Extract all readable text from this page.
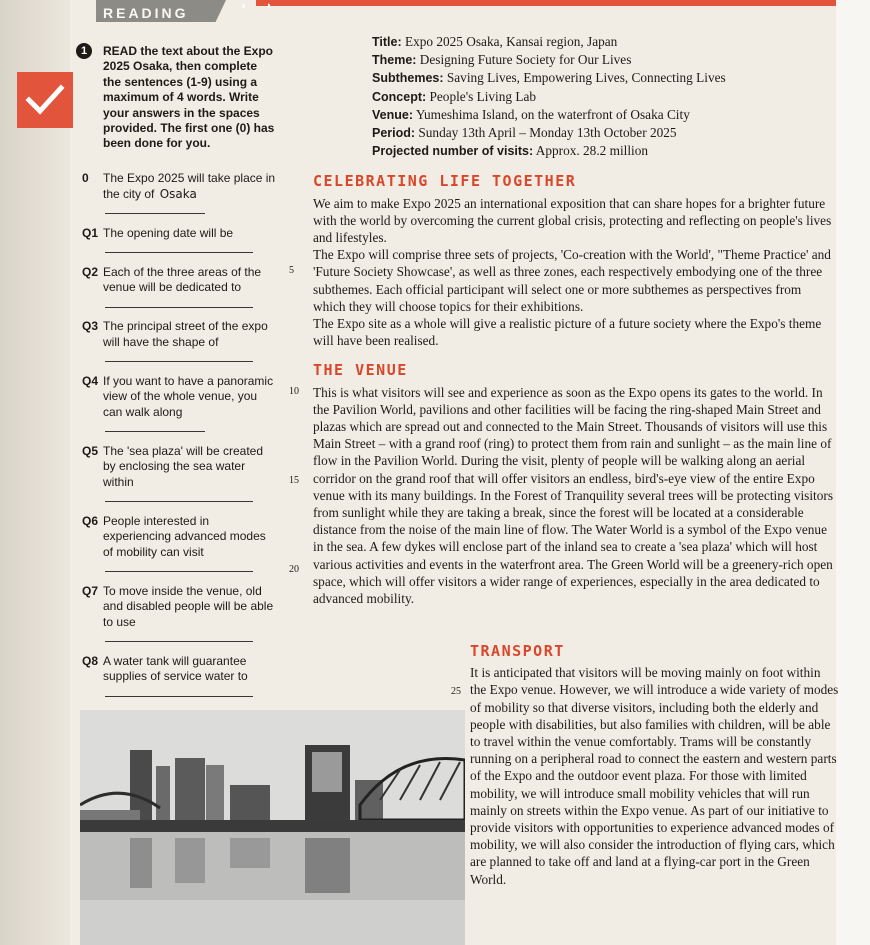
READING	◖ ◗
1	READ the text about the Expo 2025 Osaka, then complete the sentences (1-9) using a maximum of 4 words. Write your answers in the spaces provided. The first one (0) has been done for you.

0 The Expo 2025 will take place in the city of Osaka
Q1 The opening date will be

Q2 Each of the three areas of the venue will be dedicated to
Q3 The principal street of the expo will have the shape of

Q4 If you want to have a panoramic view of the whole venue, you can walk along
Q5 The 'sea plaza' will be created by enclosing the sea water within

Q6 People interested in experiencing advanced modes of mobility can visit

Q7 To move inside the venue, old and disabled people will be able to use

Q8 A water tank will guarantee supplies of service water to

Title: Expo 2025 Osaka, Kansai region, Japan
Theme: Designing Future Society for Our Lives
Subthemes: Saving Lives, Empowering Lives, Connecting Lives
Concept: People's Living Lab
Venue: Yumeshima Island, on the waterfront of Osaka City
Period: Sunday 13th April – Monday 13th October 2025
Projected number of visits: Approx. 28.2 million
CELEBRATING LIFE TOGETHER

We aim to make Expo 2025 an international exposition that can share hopes for a brighter future with the world by overcoming the current global crisis, protecting and reflecting on people's lives and lifestyles.

The Expo will comprise three sets of projects, 'Co-creation with the World', "Theme Practice' and 'Future Society Showcase', as well as three zones, each respectively embodying one of the three subthemes. Each official participant will select one or more subthemes as perspectives from which they will choose topics for their exhibitions.

The Expo site as a whole will give a realistic picture of a future society where the Expo's theme will have been realised.

THE VENUE

This is what visitors will see and experience as soon as the Expo opens its gates to the world. In the Pavilion World, pavilions and other facilities will be facing the ring-shaped Main Street and plazas which are spread out and connected to the Main Street. Thousands of visitors will use this Main Street – with a grand roof (ring) to protect them from rain and sunlight – as the main line of flow in the Pavilion World. During the visit, plenty of people will be walking along an aerial corridor on the grand roof that will offer visitors an endless, bird's-eye view of the entire Expo venue with its many buildings. In the Forest of Tranquility several trees will be protecting visitors from sunlight while they are taking a break, since the forest will be located at a considerable distance from the noise of the main line of flow. The Water World is a symbol of the Expo venue in the sea. A few dykes will enclose part of the inland sea to create a 'sea plaza' which will host various activities and events in the waterfront area. The Green World will be a greenery-rich open space, which will offer visitors a wider range of experiences, especially in the area dedicated to advanced mobility.

5
10
15
20
25
TRANSPORT

It is anticipated that visitors will be moving mainly on foot within the Expo venue. However, we will introduce a wide variety of modes of mobility so that diverse visitors, including both the elderly and people with disabilities, but also families with children, will be able to travel within the venue comfortably. Trams will be constantly running on a peripheral road to connect the eastern and western parts of the Expo and the outdoor event plaza. For those with limited mobility, we will introduce small mobility vehicles that will run mainly on streets within the Expo venue. As part of our initiative to provide visitors with opportunities to experience advanced modes of mobility, we will also consider the introduction of flying cars, which are planned to take off and land at a flying-car port in the Green World.
